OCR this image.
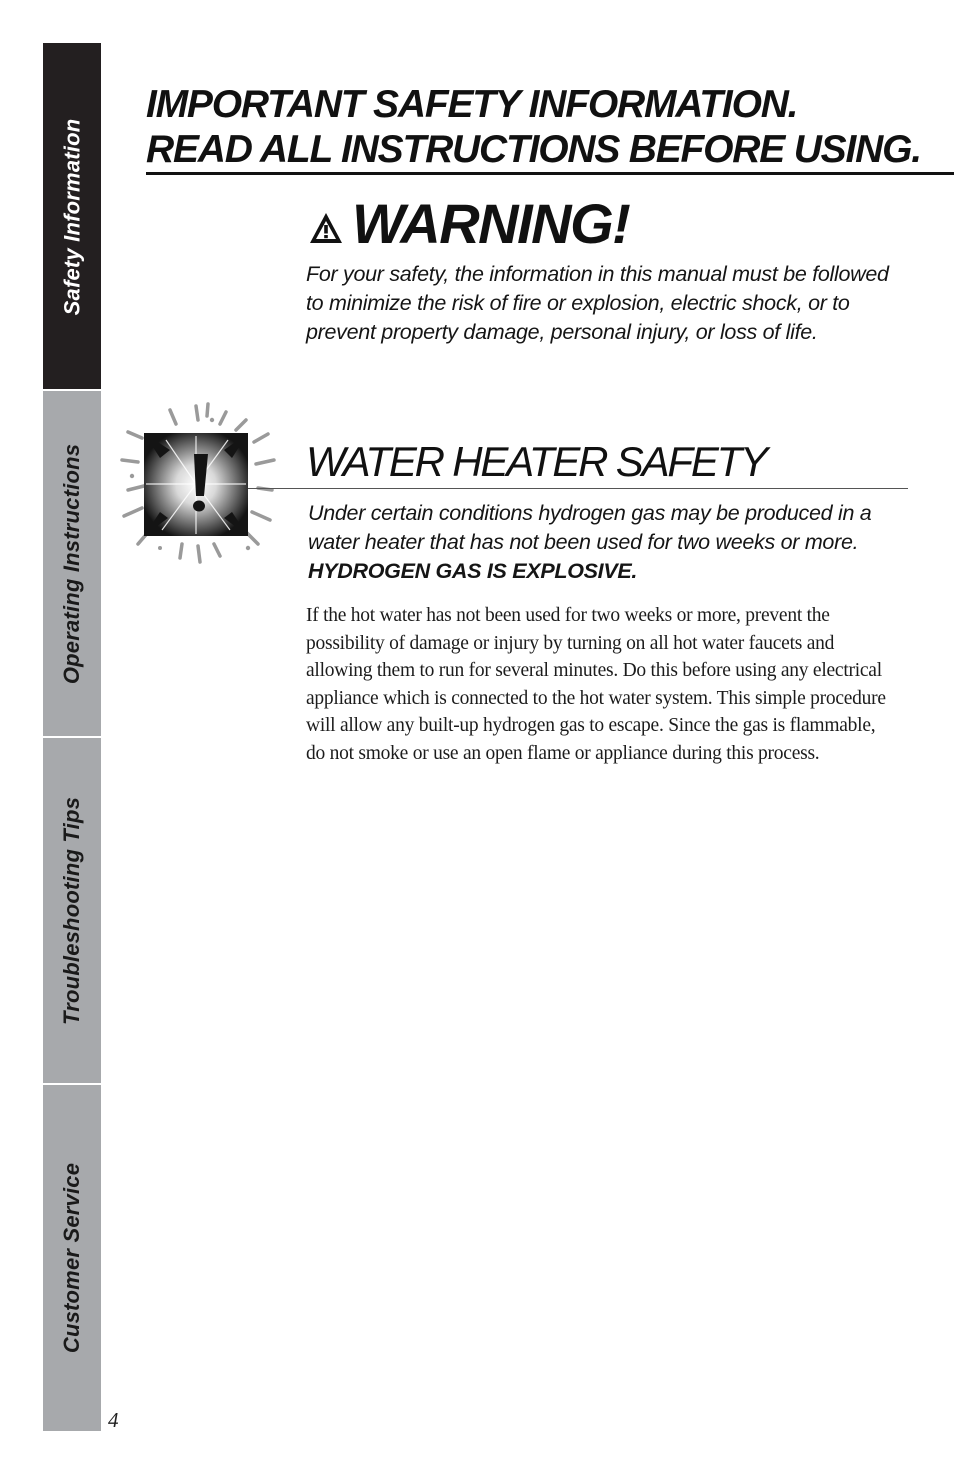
Safety Information
Operating Instructions
Troubleshooting Tips
Customer Service
IMPORTANT SAFETY INFORMATION.
READ ALL INSTRUCTIONS BEFORE USING.
WARNING!
For your safety, the information in this manual must be followed to minimize the risk of fire or explosion, electric shock, or to prevent property damage, personal injury, or loss of life.
WATER HEATER SAFETY
Under certain conditions hydrogen gas may be produced in a water heater that has not been used for two weeks or more.  HYDROGEN GAS IS EXPLOSIVE.
If the hot water has not been used for two weeks or more, prevent the possibility of damage or injury by turning on all hot water faucets and allowing them to run for several minutes. Do this before using any electrical appliance which is connected to the hot water system. This simple procedure will allow any built-up hydrogen gas to escape. Since the gas is flammable, do not smoke or use an open flame or appliance during this process.
4
